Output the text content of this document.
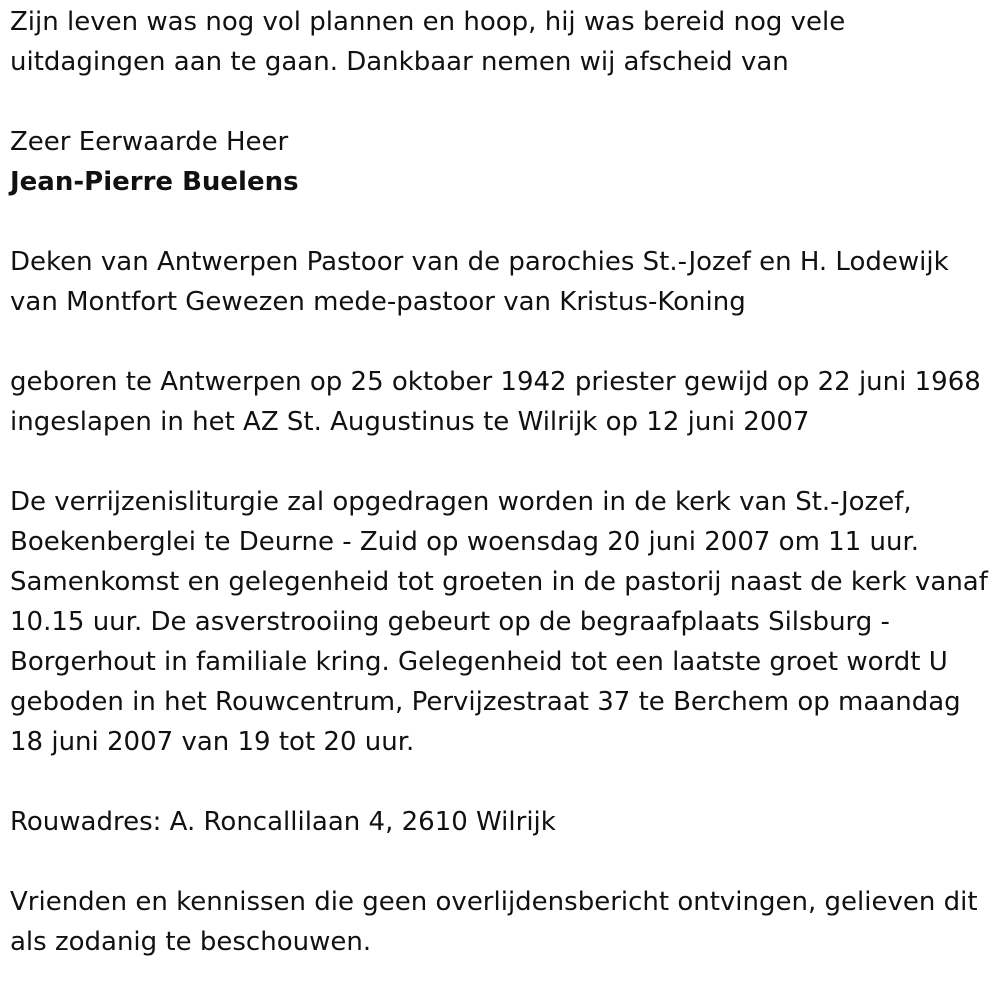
Zijn leven was nog vol plannen en hoop, hij was bereid nog vele uitdagingen aan te gaan. Dankbaar nemen wij afscheid van

Zeer Eerwaarde Heer

Jean-Pierre Buelens

Deken van Antwerpen Pastoor van de parochies St.-Jozef en H. Lodewijk van Montfort Gewezen mede-pastoor van Kristus-Koning

geboren te Antwerpen op 25 oktober 1942 priester gewijd op 22 juni 1968 ingeslapen in het AZ St. Augustinus te Wilrijk op 12 juni 2007

De verrijzenisliturgie zal opgedragen worden in de kerk van St.-Jozef, Boekenberglei te Deurne - Zuid op woensdag 20 juni 2007 om 11 uur. Samenkomst en gelegenheid tot groeten in de pastorij naast de kerk vanaf 10.15 uur. De asverstrooiing gebeurt op de begraafplaats Silsburg - Borgerhout in familiale kring. Gelegenheid tot een laatste groet wordt U geboden in het Rouwcentrum, Pervijzestraat 37 te Berchem op maandag 18 juni 2007 van 19 tot 20 uur.

Rouwadres: A. Roncallilaan 4, 2610 Wilrijk

Vrienden en kennissen die geen overlijdensbericht ontvingen, gelieven dit als zodanig te beschouwen.
